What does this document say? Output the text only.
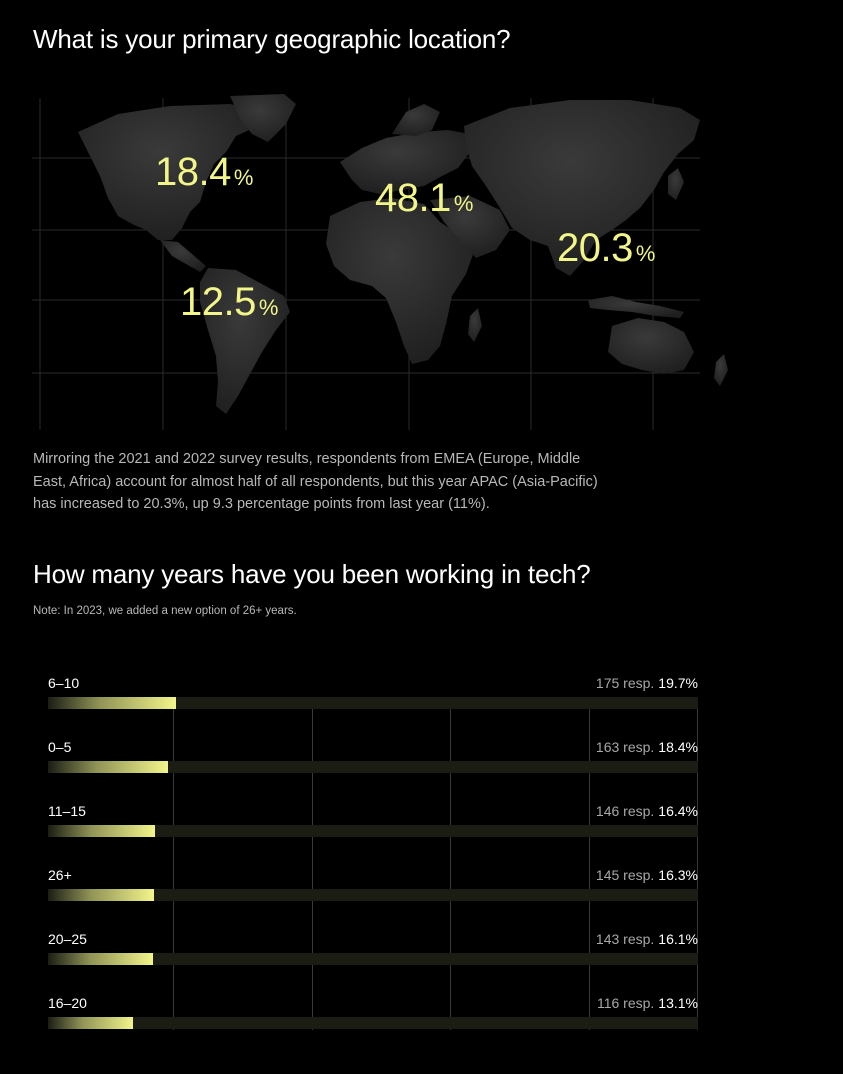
What is your primary geographic location?
18.4 %
12.5 %
48.1 %
20.3 %

Mirroring the 2021 and 2022 survey results, respondents from EMEA (Europe, Middle East, Africa) account for almost half of all respondents, but this year APAC (Asia-Pacific) has increased to 20.3%, up 9.3 percentage points from last year (11%).

How many years have you been working in tech?
Note: In 2023, we added a new option of 26+ years.
6–10	175 resp. 19.7%
0–5	163 resp. 18.4%
11–15	146 resp. 16.4%
26+	145 resp. 16.3%
20–25	143 resp. 16.1%
16–20	116 resp. 13.1%
